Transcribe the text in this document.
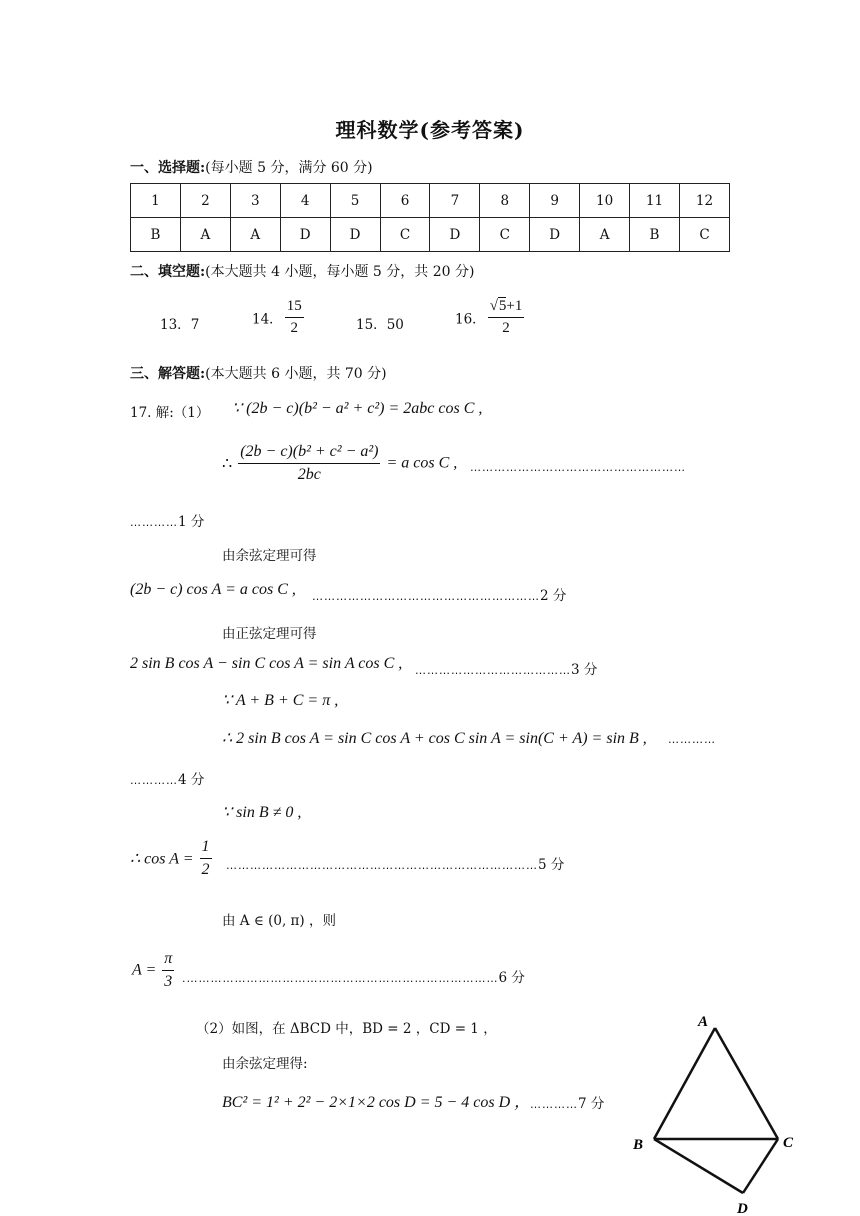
理科数学(参考答案)
一、选择题:(每小题 5 分，满分 60 分)
1	2	3	4	5	6	7	8	9	10	11	12
B	A	A	D	D	C	D	C	D	A	B	C
二、填空题:(本大题共 4 小题，每小题 5 分，共 20 分)
13．7	14． $\frac{15}{2}$	15．50	16． $\frac{√5+1}{2}$
三、解答题:(本大题共 6 小题，共 70 分)
17. 解:（1） ∵ (2b − c)(b² − a² + c²) = 2abc cos C ,
∴ $\frac{\text{(2b − c)(b² + c² − a²)}}{2bc} = a$ cos C , ………………………………………………
…………1 分
由余弦定理可得
(2b − c) cos A = a cos C , …………………………………………………2 分
由正弦定理可得
2 sin B cos A − sin C cos A = sin A cos C , …………………………………3 分
∵ A + B + C = π ,
∴ 2 sin B cos A = sin C cos A + cos C sin A = sin(C + A) = sin B , …………
…………4 分
∵ sin B ≠ 0 ,
∴ $\cos A = \frac{1}{2}$ ……………………………………………………………………5 分
由 A ∈ (0, π) ，则
$A = \frac{\pi}{3}$ .……………………………………………………………………6 分
（2）如图，在 ΔBCD 中，BD = 2 ，CD = 1 ，
由余弦定理得:
BC² = 1² + 2² − 2×1×2 cos D = 5 − 4 cos D ， …………7 分
A
B	C
D
